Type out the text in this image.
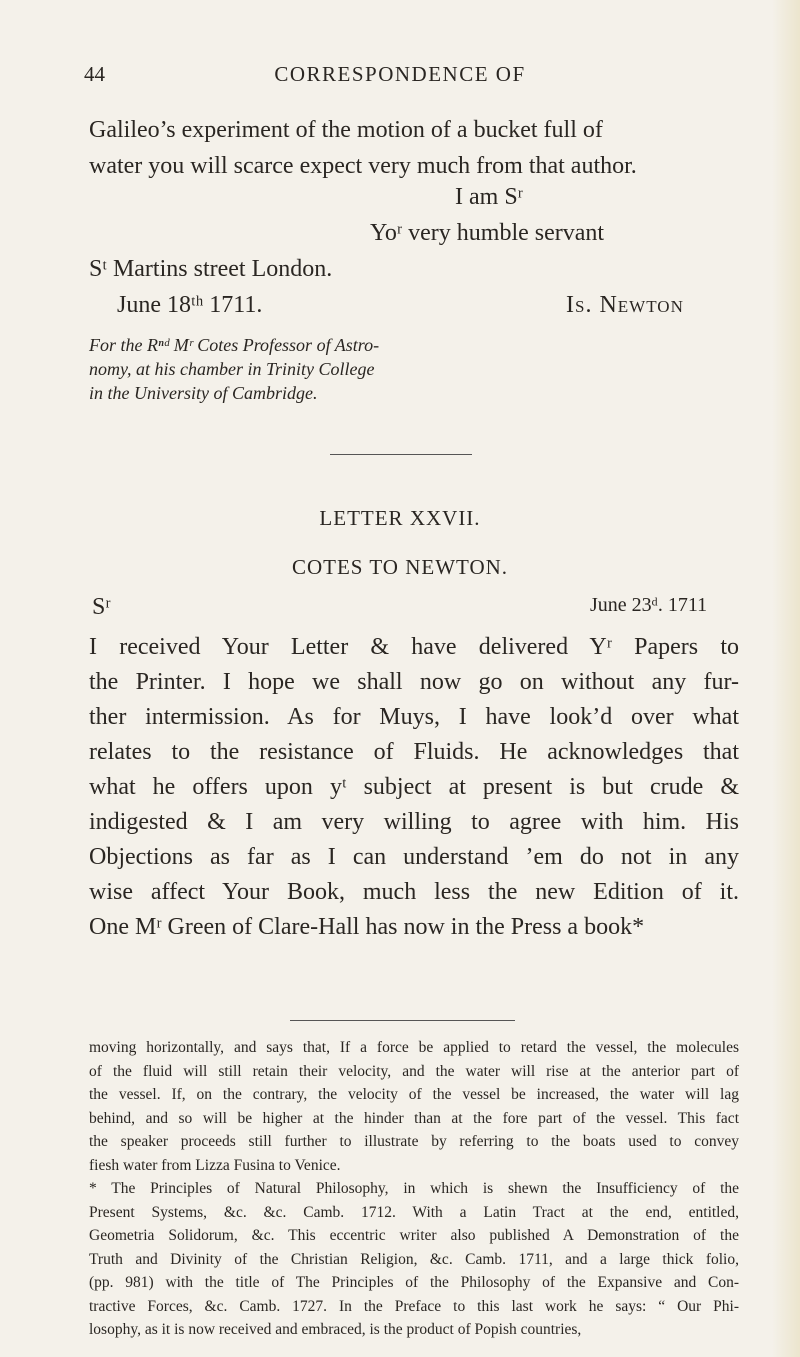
44	CORRESPONDENCE OF
Galileo’s experiment of the motion of a bucket full of
water you will scarce expect very much from that author.
I am Sʳ
Yoʳ very humble servant
Sᵗ Martins street London.
June 18ᵗʰ 1711.	Is. Newton
For the Rⁿᵈ Mʳ Cotes Professor of Astro-
nomy, at his chamber in Trinity College
in the University of Cambridge.
LETTER XXVII.
COTES TO NEWTON.
Sʳ	June 23ᵈ. 1711
I received Your Letter & have delivered Yʳ Papers to
the Printer. I hope we shall now go on without any fur-
ther intermission. As for Muys, I have look’d over what
relates to the resistance of Fluids. He acknowledges that
what he offers upon yᵗ subject at present is but crude &
indigested & I am very willing to agree with him. His
Objections as far as I can understand ’em do not in any
wise affect Your Book, much less the new Edition of it.
One Mʳ Green of Clare-Hall has now in the Press a book*
moving horizontally, and says that, If a force be applied to retard the vessel, the molecules
of the fluid will still retain their velocity, and the water will rise at the anterior part of
the vessel. If, on the contrary, the velocity of the vessel be increased, the water will lag
behind, and so will be higher at the hinder than at the fore part of the vessel. This fact
the speaker proceeds still further to illustrate by referring to the boats used to convey
fiesh water from Lizza Fusina to Venice.
* The Principles of Natural Philosophy, in which is shewn the Insufficiency of the
Present Systems, &c. &c. Camb. 1712. With a Latin Tract at the end, entitled,
Geometria Solidorum, &c. This eccentric writer also published A Demonstration of the
Truth and Divinity of the Christian Religion, &c. Camb. 1711, and a large thick folio,
(pp. 981) with the title of The Principles of the Philosophy of the Expansive and Con-
tractive Forces, &c. Camb. 1727. In the Preface to this last work he says: “ Our Phi-
losophy, as it is now received and embraced, is the product of Popish countries,
